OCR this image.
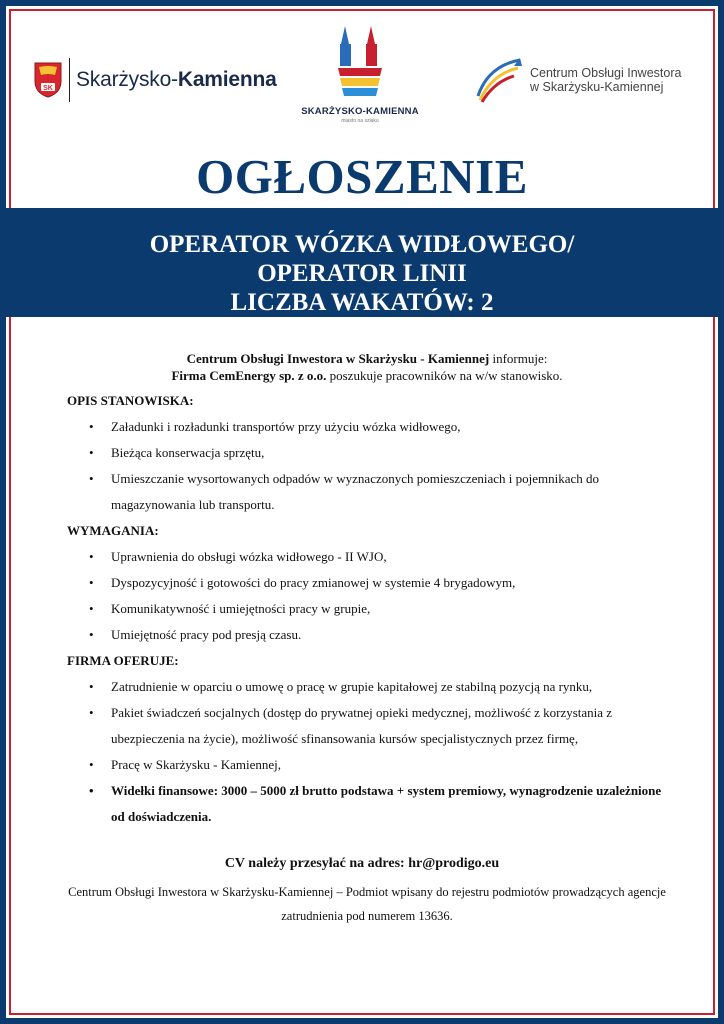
SK Skarżysko-Kamienna
SKARŻYSKO-KAMIENNA
miasto na szlaku
Centrum Obsługi Inwestora
w Skarżysku-Kamiennej
OGŁOSZENIE
OPERATOR WÓZKA WIDŁOWEGO/
OPERATOR LINII
LICZBA WAKATÓW: 2
Centrum Obsługi Inwestora w Skarżysku - Kamiennej informuje:
Firma CemEnergy sp. z o.o. poszukuje pracowników na w/w stanowisko.
OPIS STANOWISKA:
• Załadunki i rozładunki transportów przy użyciu wózka widłowego,
• Bieżąca konserwacja sprzętu,
• Umieszczanie wysortowanych odpadów w wyznaczonych pomieszczeniach i pojemnikach do magazynowania lub transportu.
WYMAGANIA:
• Uprawnienia do obsługi wózka widłowego - II WJO,
• Dyspozycyjność i gotowości do pracy zmianowej w systemie 4 brygadowym,
• Komunikatywność i umiejętności pracy w grupie,
• Umiejętność pracy pod presją czasu.
FIRMA OFERUJE:
• Zatrudnienie w oparciu o umowę o pracę w grupie kapitałowej ze stabilną pozycją na rynku,
• Pakiet świadczeń socjalnych (dostęp do prywatnej opieki medycznej, możliwość z korzystania z ubezpieczenia na życie), możliwość sfinansowania kursów specjalistycznych przez firmę,
• Pracę w Skarżysku - Kamiennej,
• Widełki finansowe: 3000 – 5000 zł brutto podstawa + system premiowy, wynagrodzenie uzależnione od doświadczenia.
CV należy przesyłać na adres: hr@prodigo.eu
Centrum Obsługi Inwestora w Skarżysku-Kamiennej – Podmiot wpisany do rejestru podmiotów prowadzących agencje zatrudnienia pod numerem 13636.
